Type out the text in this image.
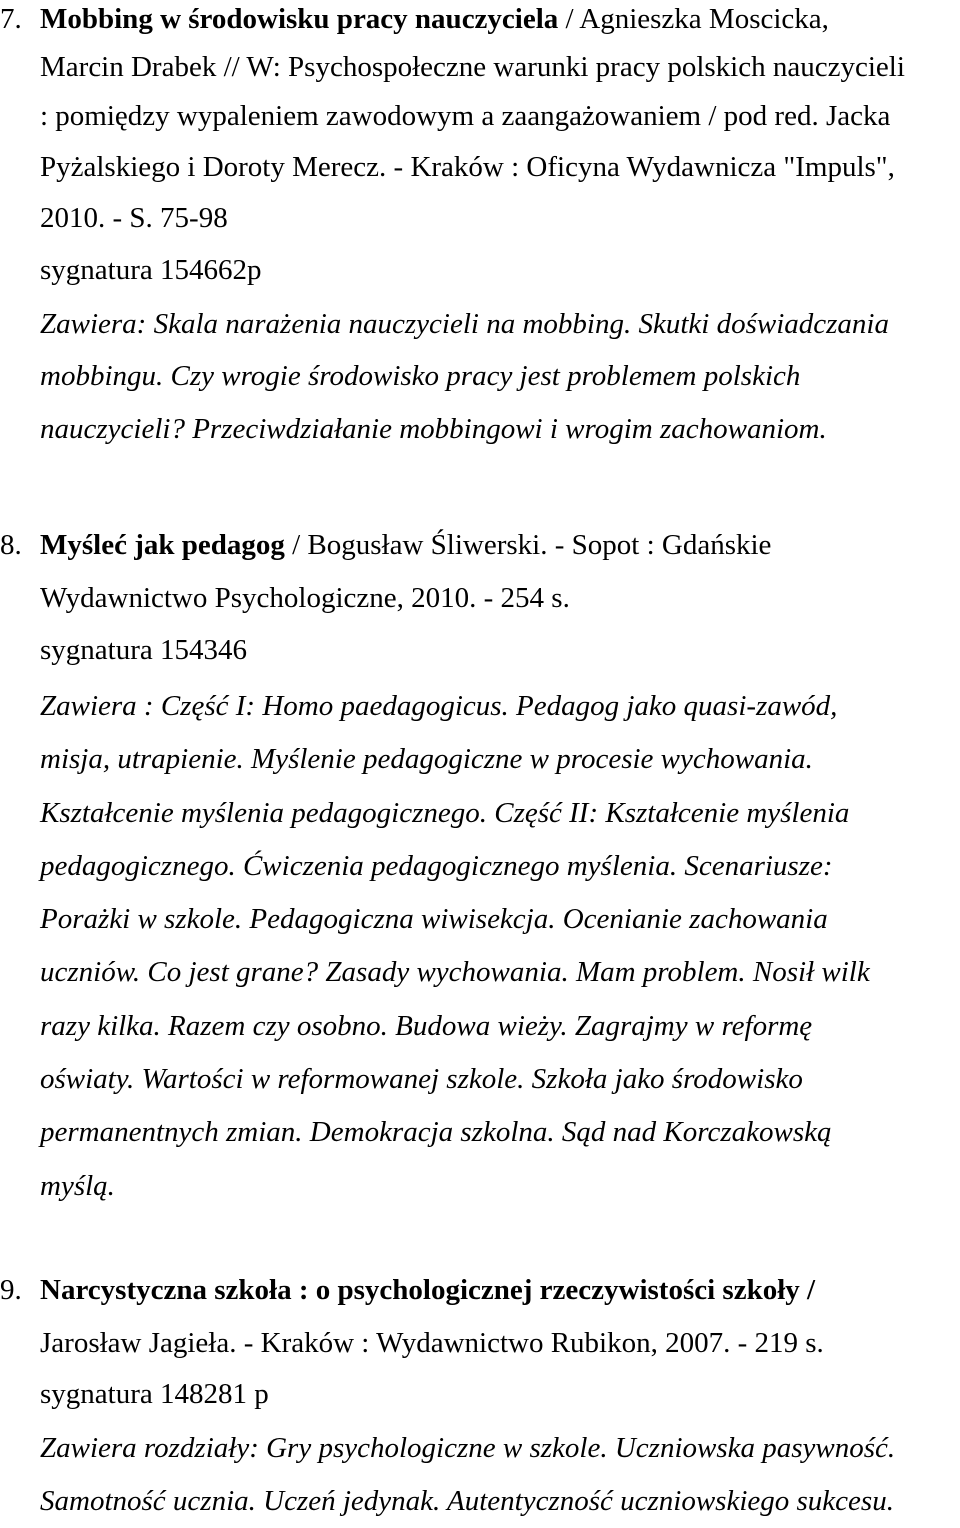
7. Mobbing w środowisku pracy nauczyciela / Agnieszka Moscicka,
Marcin Drabek // W: Psychospołeczne warunki pracy polskich nauczycieli
: pomiędzy wypaleniem zawodowym a zaangażowaniem / pod red. Jacka
Pyżalskiego i Doroty Merecz. - Kraków : Oficyna Wydawnicza "Impuls",
2010. - S. 75-98
sygnatura 154662p
Zawiera: Skala narażenia nauczycieli na mobbing. Skutki doświadczania
mobbingu. Czy wrogie środowisko pracy jest problemem polskich
nauczycieli? Przeciwdziałanie mobbingowi i wrogim zachowaniom.
8. Myśleć jak pedagog / Bogusław Śliwerski. - Sopot : Gdańskie
Wydawnictwo Psychologiczne, 2010. - 254 s.
sygnatura 154346
Zawiera : Część I: Homo paedagogicus. Pedagog jako quasi-zawód,
misja, utrapienie. Myślenie pedagogiczne w procesie wychowania.
Kształcenie myślenia pedagogicznego. Część II: Kształcenie myślenia
pedagogicznego. Ćwiczenia pedagogicznego myślenia. Scenariusze:
Porażki w szkole. Pedagogiczna wiwisekcja. Ocenianie zachowania
uczniów. Co jest grane? Zasady wychowania. Mam problem. Nosił wilk
razy kilka. Razem czy osobno. Budowa wieży. Zagrajmy w reformę
oświaty. Wartości w reformowanej szkole. Szkoła jako środowisko
permanentnych zmian. Demokracja szkolna. Sąd nad Korczakowską
myślą.
9. Narcystyczna szkoła : o psychologicznej rzeczywistości szkoły /
Jarosław Jagieła. - Kraków : Wydawnictwo Rubikon, 2007. - 219 s.
sygnatura 148281 p
Zawiera rozdziały: Gry psychologiczne w szkole. Uczniowska pasywność.
Samotność ucznia. Uczeń jedynak. Autentyczność uczniowskiego sukcesu.
